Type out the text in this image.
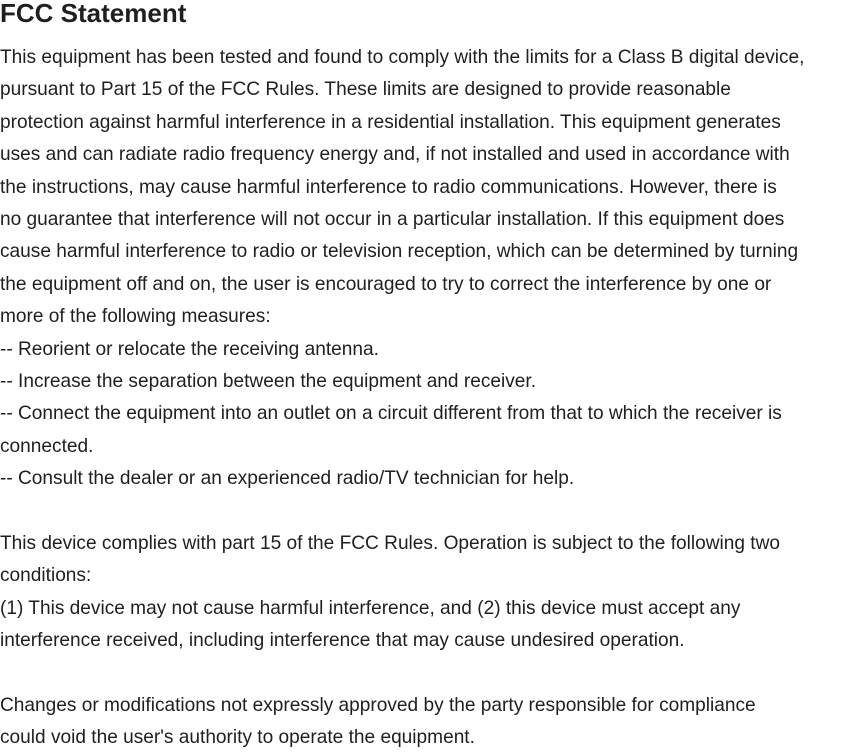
FCC Statement

This equipment has been tested and found to comply with the limits for a Class B digital device,

pursuant to Part 15 of the FCC Rules. These limits are designed to provide reasonable

protection against harmful interference in a residential installation. This equipment generates

uses and can radiate radio frequency energy and, if not installed and used in accordance with

the instructions, may cause harmful interference to radio communications. However, there is

no guarantee that interference will not occur in a particular installation. If this equipment does

cause harmful interference to radio or television reception, which can be determined by turning

the equipment off and on, the user is encouraged to try to correct the interference by one or

more of the following measures:

-- Reorient or relocate the receiving antenna.

-- Increase the separation between the equipment and receiver.

-- Connect the equipment into an outlet on a circuit different from that to which the receiver is

connected.

-- Consult the dealer or an experienced radio/TV technician for help.

This device complies with part 15 of the FCC Rules. Operation is subject to the following two

conditions:

(1) This device may not cause harmful interference, and (2) this device must accept any

interference received, including interference that may cause undesired operation.

Changes or modifications not expressly approved by the party responsible for compliance

could void the user's authority to operate the equipment.
